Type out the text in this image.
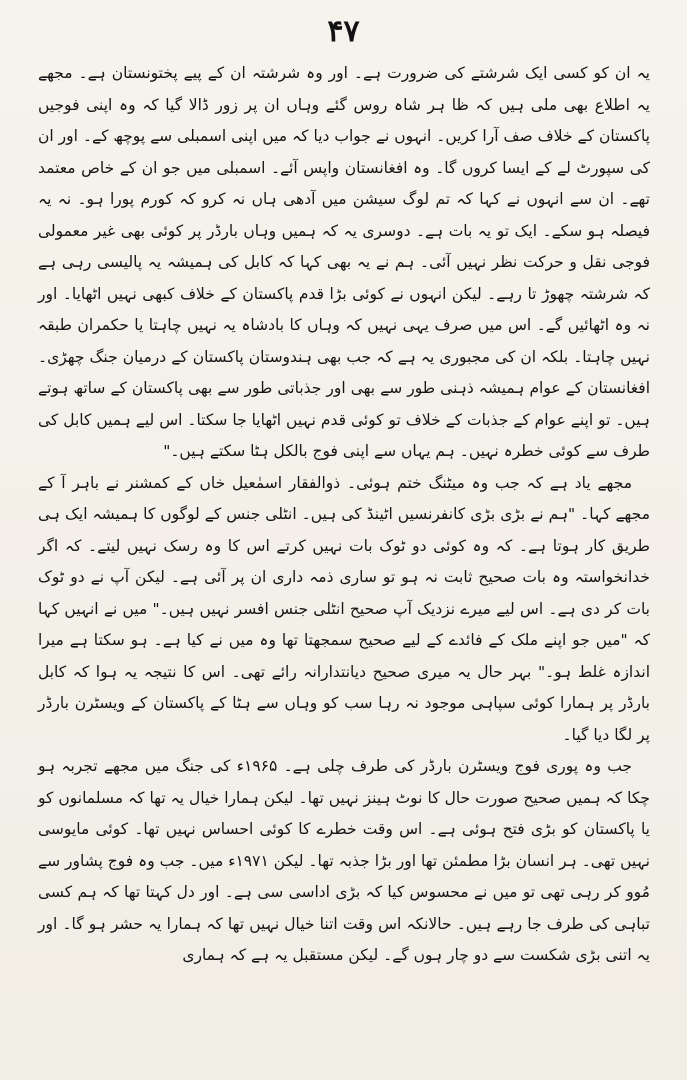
۴۷

یہ ان کو کسی ایک شرشتے کی ضرورت ہے۔ اور وہ شرشتہ ان کے پیے پختونستان ہے۔ مجھے یہ اطلاع بھی ملی ہیں کہ ظا ہر شاہ روس گئے وہاں ان پر زور ڈالا گیا کہ وہ اپنی فوجیں پاکستان کے خلاف صف آرا کریں۔ انہوں نے جواب دیا کہ میں اپنی اسمبلی سے پوچھ کے۔ اور ان کی سپورٹ لے کے ایسا کروں گا۔ وہ افغانستان واپس آئے۔ اسمبلی میں جو ان کے خاص معتمد تھے۔ ان سے انہوں نے کہا کہ تم لوگ سیشن میں آدھی ہاں نہ کرو کہ کورم پورا ہو۔ نہ یہ فیصلہ ہو سکے۔ ایک تو یہ بات ہے۔ دوسری یہ کہ ہمیں وہاں بارڈر پر کوئی بھی غیر معمولی فوجی نقل و حرکت نظر نہیں آئی۔ ہم نے یہ بھی کہا کہ کابل کی ہمیشہ یہ پالیسی رہی ہے کہ شرشتہ چھوڑ تا رہے۔ لیکن انہوں نے کوئی بڑا قدم پاکستان کے خلاف کبھی نہیں اٹھایا۔ اور نہ وہ اٹھائیں گے۔ اس میں صرف یہی نہیں کہ وہاں کا بادشاہ یہ نہیں چاہتا یا حکمران طبقہ نہیں چاہتا۔ بلکہ ان کی مجبوری یہ ہے کہ جب بھی ہندوستان پاکستان کے درمیان جنگ چھڑی۔ افغانستان کے عوام ہمیشہ ذہنی طور سے بھی اور جذباتی طور سے بھی پاکستان کے ساتھ ہوتے ہیں۔ تو اپنے عوام کے جذبات کے خلاف تو کوئی قدم نہیں اٹھایا جا سکتا۔ اس لیے ہمیں کابل کی طرف سے کوئی خطرہ نہیں۔ ہم یہاں سے اپنی فوج بالکل ہٹا سکتے ہیں۔"

مجھے یاد ہے کہ جب وہ میٹنگ ختم ہوئی۔ ذوالفقار اسمٰعیل خاں کے کمشنر نے باہر آ کے مجھے کہا۔ "ہم نے بڑی بڑی کانفرنسیں اٹینڈ کی ہیں۔ انٹلی جنس کے لوگوں کا ہمیشہ ایک ہی طریق کار ہوتا ہے۔ کہ وہ کوئی دو ٹوک بات نہیں کرتے اس کا وہ رسک نہیں لیتے۔ کہ اگر خدانخواستہ وہ بات صحیح ثابت نہ ہو تو ساری ذمہ داری ان پر آئی ہے۔ لیکن آپ نے دو ٹوک بات کر دی ہے۔ اس لیے میرے نزدیک آپ صحیح انٹلی جنس افسر نہیں ہیں۔" میں نے انہیں کہا کہ "میں جو اپنے ملک کے فائدے کے لیے صحیح سمجھتا تھا وہ میں نے کیا ہے۔ ہو سکتا ہے میرا اندازہ غلط ہو۔" بہر حال یہ میری صحیح دیانتدارانہ رائے تھی۔ اس کا نتیجہ یہ ہوا کہ کابل بارڈر پر ہمارا کوئی سپاہی موجود نہ رہا سب کو وہاں سے ہٹا کے پاکستان کے ویسٹرن بارڈر پر لگا دیا گیا۔

جب وہ پوری فوج ویسٹرن بارڈر کی طرف چلی ہے۔ ۱۹۶۵ء کی جنگ میں مجھے تجربہ ہو چکا کہ ہمیں صحیح صورت حال کا نوٹ ہینز نہیں تھا۔ لیکن ہمارا خیال یہ تھا کہ مسلمانوں کو یا پاکستان کو بڑی فتح ہوئی ہے۔ اس وقت خطرے کا کوئی احساس نہیں تھا۔ کوئی مایوسی نہیں تھی۔ ہر انسان بڑا مطمئن تھا اور بڑا جذبہ تھا۔ لیکن ۱۹۷۱ء میں۔ جب وہ فوج پشاور سے مُوو کر رہی تھی تو میں نے محسوس کیا کہ بڑی اداسی سی ہے۔ اور دل کہتا تھا کہ ہم کسی تباہی کی طرف جا رہے ہیں۔ حالانکہ اس وقت اتنا خیال نہیں تھا کہ ہمارا یہ حشر ہو گا۔ اور یہ اتنی بڑی شکست سے دو چار ہوں گے۔ لیکن مستقبل یہ ہے کہ ہماری
